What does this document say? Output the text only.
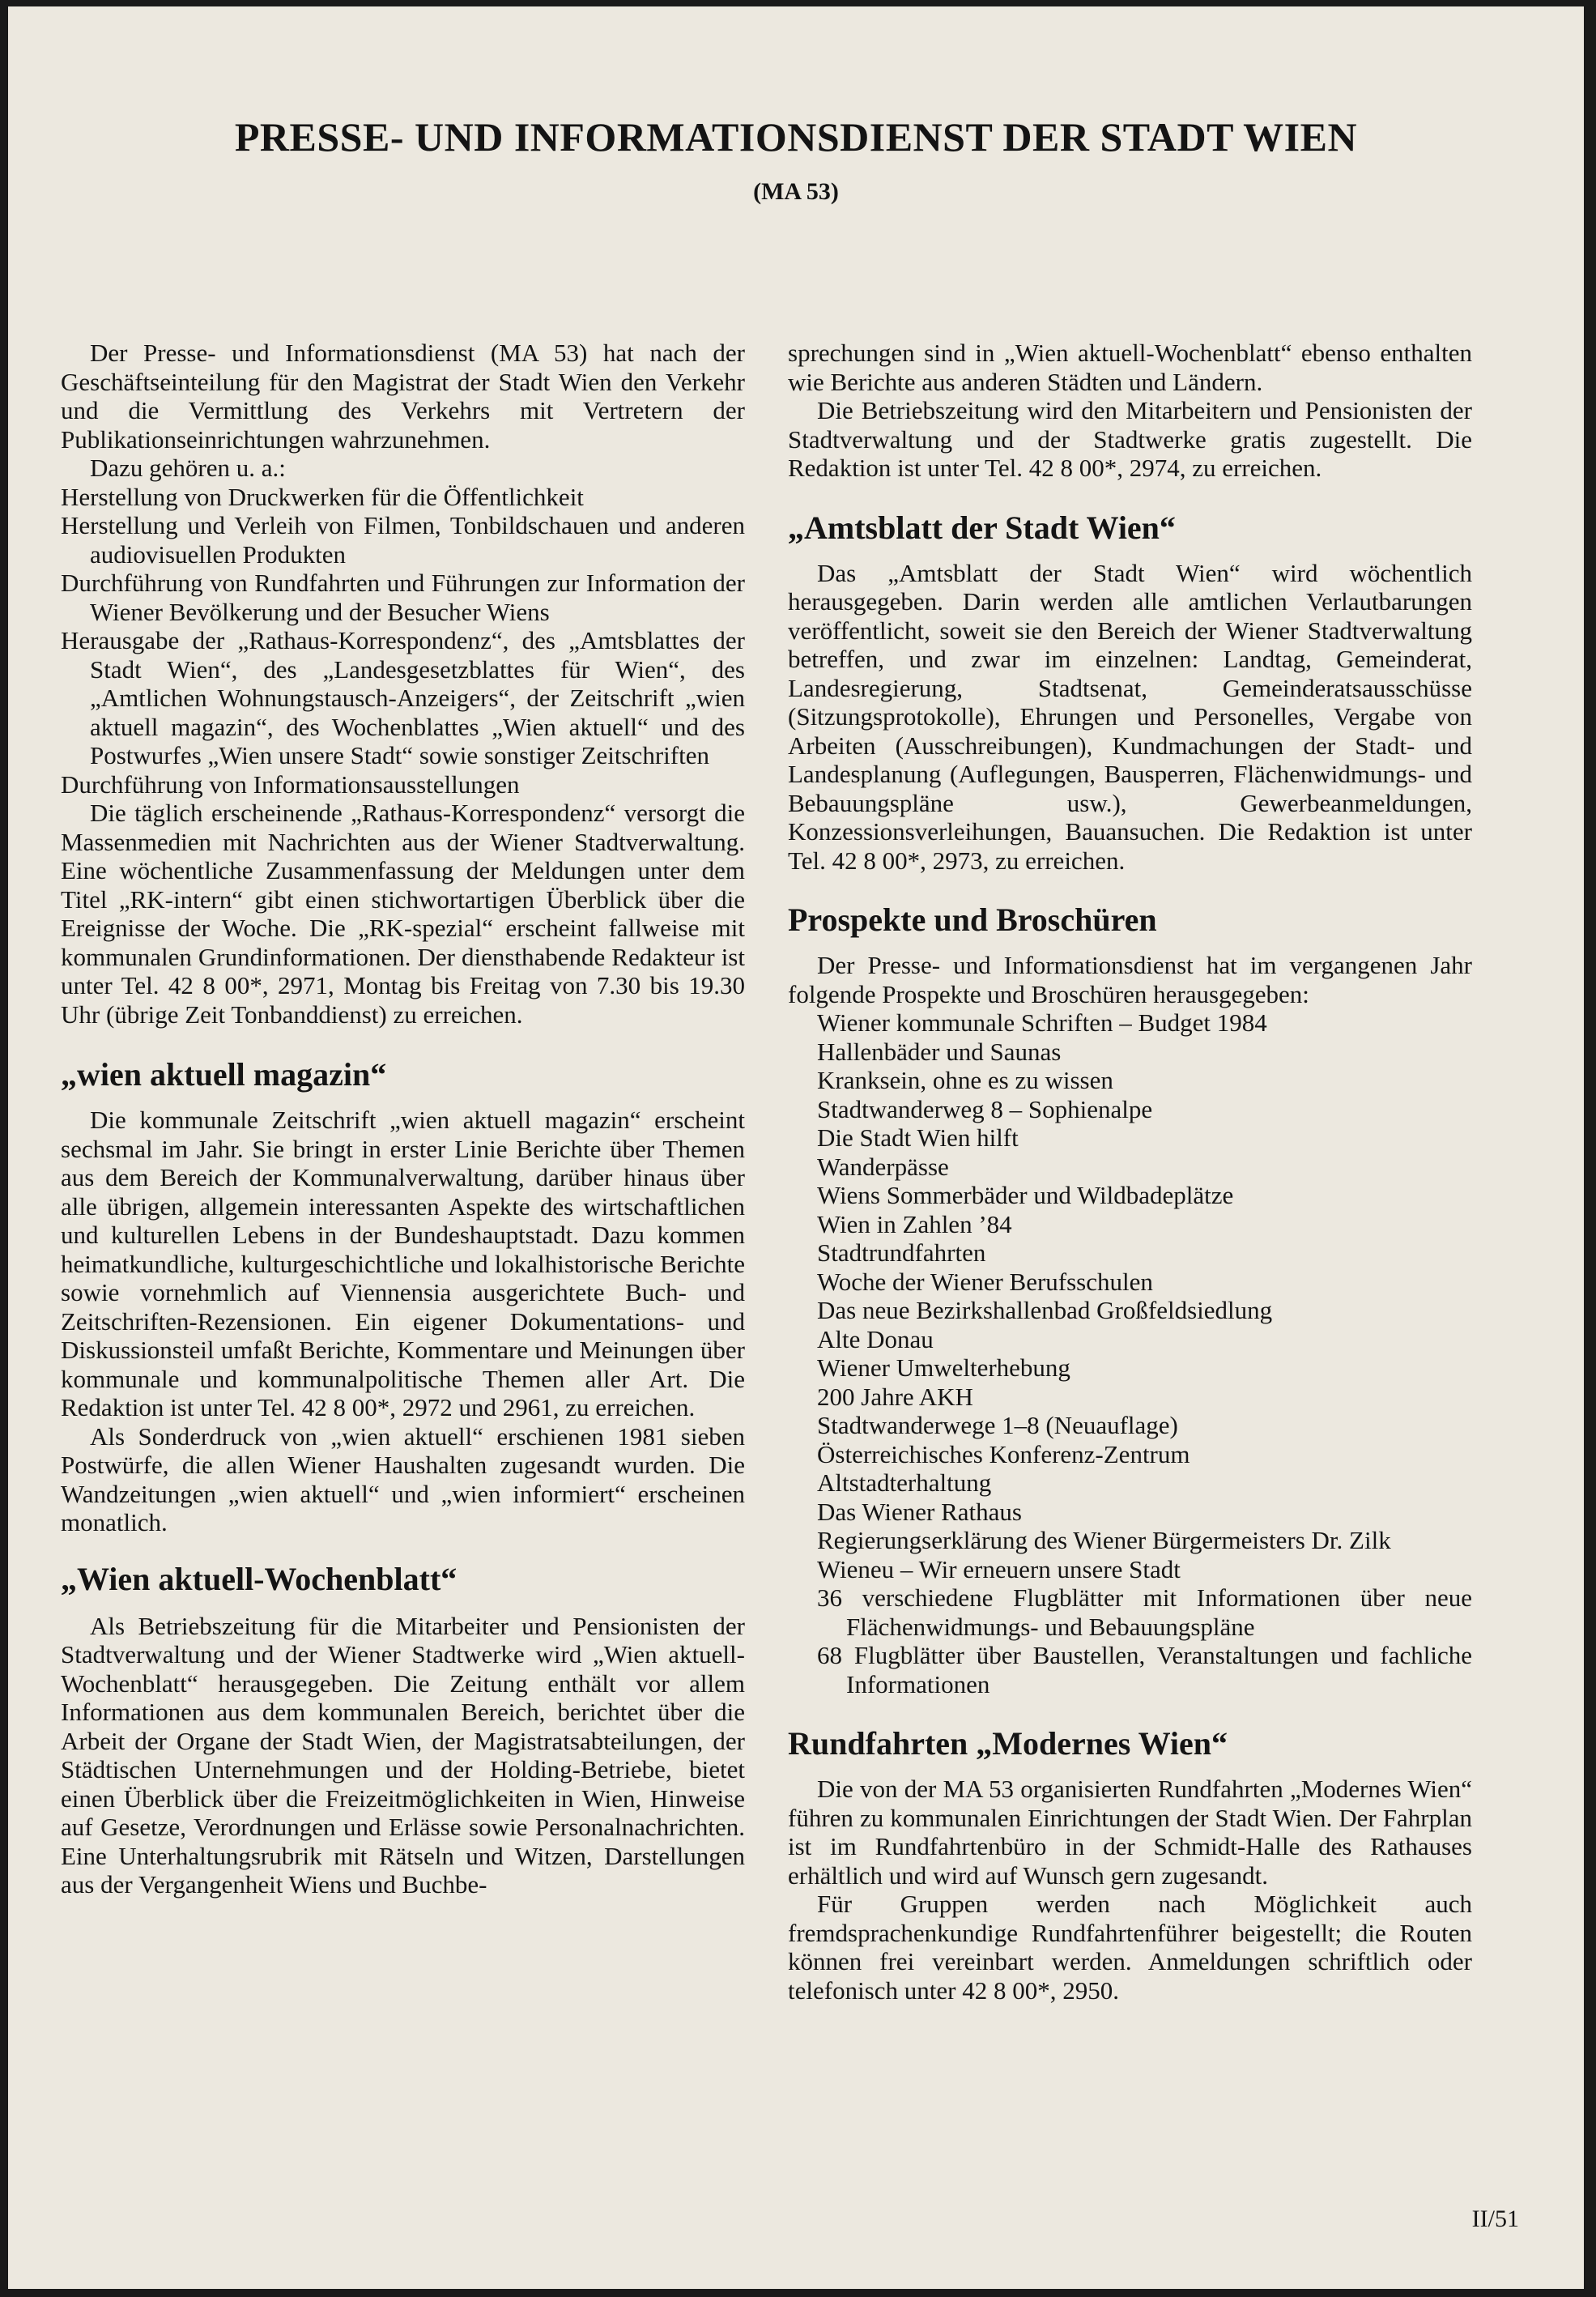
PRESSE- UND INFORMATIONSDIENST DER STADT WIEN
(MA 53)

Der Presse- und Informationsdienst (MA 53) hat nach der Geschäftseinteilung für den Magistrat der Stadt Wien den Verkehr und die Vermittlung des Verkehrs mit Vertretern der Publikationseinrichtungen wahrzunehmen.

Dazu gehören u. a.:

Herstellung von Druckwerken für die Öffentlichkeit

Herstellung und Verleih von Filmen, Tonbildschauen und anderen audiovisuellen Produkten

Durchführung von Rundfahrten und Führungen zur Information der Wiener Bevölkerung und der Besucher Wiens

Herausgabe der „Rathaus-Korrespondenz“, des „Amtsblattes der Stadt Wien“, des „Landesgesetzblattes für Wien“, des „Amtlichen Wohnungstausch-Anzeigers“, der Zeitschrift „wien aktuell magazin“, des Wochenblattes „Wien aktuell“ und des Postwurfes „Wien unsere Stadt“ sowie sonstiger Zeitschriften

Durchführung von Informationsausstellungen

Die täglich erscheinende „Rathaus-Korrespondenz“ versorgt die Massenmedien mit Nachrichten aus der Wiener Stadtverwaltung. Eine wöchentliche Zusammenfassung der Meldungen unter dem Titel „RK-intern“ gibt einen stichwortartigen Überblick über die Ereignisse der Woche. Die „RK-spezial“ erscheint fallweise mit kommunalen Grundinformationen. Der diensthabende Redakteur ist unter Tel. 42 8 00*, 2971, Montag bis Freitag von 7.30 bis 19.30 Uhr (übrige Zeit Tonbanddienst) zu erreichen.

„wien aktuell magazin“

Die kommunale Zeitschrift „wien aktuell magazin“ erscheint sechsmal im Jahr. Sie bringt in erster Linie Berichte über Themen aus dem Bereich der Kommunalverwaltung, darüber hinaus über alle übrigen, allgemein interessanten Aspekte des wirtschaftlichen und kulturellen Lebens in der Bundeshauptstadt. Dazu kommen heimatkundliche, kulturgeschichtliche und lokalhistorische Berichte sowie vornehmlich auf Viennensia ausgerichtete Buch- und Zeitschriften-Rezensionen. Ein eigener Dokumentations- und Diskussionsteil umfaßt Berichte, Kommentare und Meinungen über kommunale und kommunalpolitische Themen aller Art. Die Redaktion ist unter Tel. 42 8 00*, 2972 und 2961, zu erreichen.

Als Sonderdruck von „wien aktuell“ erschienen 1981 sieben Postwürfe, die allen Wiener Haushalten zugesandt wurden. Die Wandzeitungen „wien aktuell“ und „wien informiert“ erscheinen monatlich.

„Wien aktuell-Wochenblatt“

Als Betriebszeitung für die Mitarbeiter und Pensionisten der Stadtverwaltung und der Wiener Stadtwerke wird „Wien aktuell-Wochenblatt“ herausgegeben. Die Zeitung enthält vor allem Informationen aus dem kommunalen Bereich, berichtet über die Arbeit der Organe der Stadt Wien, der Magistratsabteilungen, der Städtischen Unternehmungen und der Holding-Betriebe, bietet einen Überblick über die Freizeitmöglichkeiten in Wien, Hinweise auf Gesetze, Verordnungen und Erlässe sowie Personalnachrichten. Eine Unterhaltungsrubrik mit Rätseln und Witzen, Darstellungen aus der Vergangenheit Wiens und Buchbe-

sprechungen sind in „Wien aktuell-Wochenblatt“ ebenso enthalten wie Berichte aus anderen Städten und Ländern.

Die Betriebszeitung wird den Mitarbeitern und Pensionisten der Stadtverwaltung und der Stadtwerke gratis zugestellt. Die Redaktion ist unter Tel. 42 8 00*, 2974, zu erreichen.

„Amtsblatt der Stadt Wien“

Das „Amtsblatt der Stadt Wien“ wird wöchentlich herausgegeben. Darin werden alle amtlichen Verlautbarungen veröffentlicht, soweit sie den Bereich der Wiener Stadtverwaltung betreffen, und zwar im einzelnen: Landtag, Gemeinderat, Landesregierung, Stadtsenat, Gemeinderatsausschüsse (Sitzungsprotokolle), Ehrungen und Personelles, Vergabe von Arbeiten (Ausschreibungen), Kundmachungen der Stadt- und Landesplanung (Auflegungen, Bausperren, Flächenwidmungs- und Bebauungspläne usw.), Gewerbeanmeldungen, Konzessionsverleihungen, Bauansuchen. Die Redaktion ist unter Tel. 42 8 00*, 2973, zu erreichen.

Prospekte und Broschüren

Der Presse- und Informationsdienst hat im vergangenen Jahr folgende Prospekte und Broschüren herausgegeben:

Wiener kommunale Schriften – Budget 1984
Hallenbäder und Saunas
Kranksein, ohne es zu wissen
Stadtwanderweg 8 – Sophienalpe
Die Stadt Wien hilft
Wanderpässe
Wiens Sommerbäder und Wildbadeplätze
Wien in Zahlen ’84
Stadtrundfahrten
Woche der Wiener Berufsschulen
Das neue Bezirkshallenbad Großfeldsiedlung
Alte Donau
Wiener Umwelterhebung
200 Jahre AKH
Stadtwanderwege 1–8 (Neuauflage)
Österreichisches Konferenz-Zentrum
Altstadterhaltung
Das Wiener Rathaus
Regierungserklärung des Wiener Bürgermeisters Dr. Zilk
Wieneu – Wir erneuern unsere Stadt
36 verschiedene Flugblätter mit Informationen über neue Flächenwidmungs- und Bebauungspläne
68 Flugblätter über Baustellen, Veranstaltungen und fachliche Informationen
Rundfahrten „Modernes Wien“

Die von der MA 53 organisierten Rundfahrten „Modernes Wien“ führen zu kommunalen Einrichtungen der Stadt Wien. Der Fahrplan ist im Rundfahrtenbüro in der Schmidt-Halle des Rathauses erhältlich und wird auf Wunsch gern zugesandt.

Für Gruppen werden nach Möglichkeit auch fremdsprachenkundige Rundfahrtenführer beigestellt; die Routen können frei vereinbart werden. Anmeldungen schriftlich oder telefonisch unter 42 8 00*, 2950.

II/51
